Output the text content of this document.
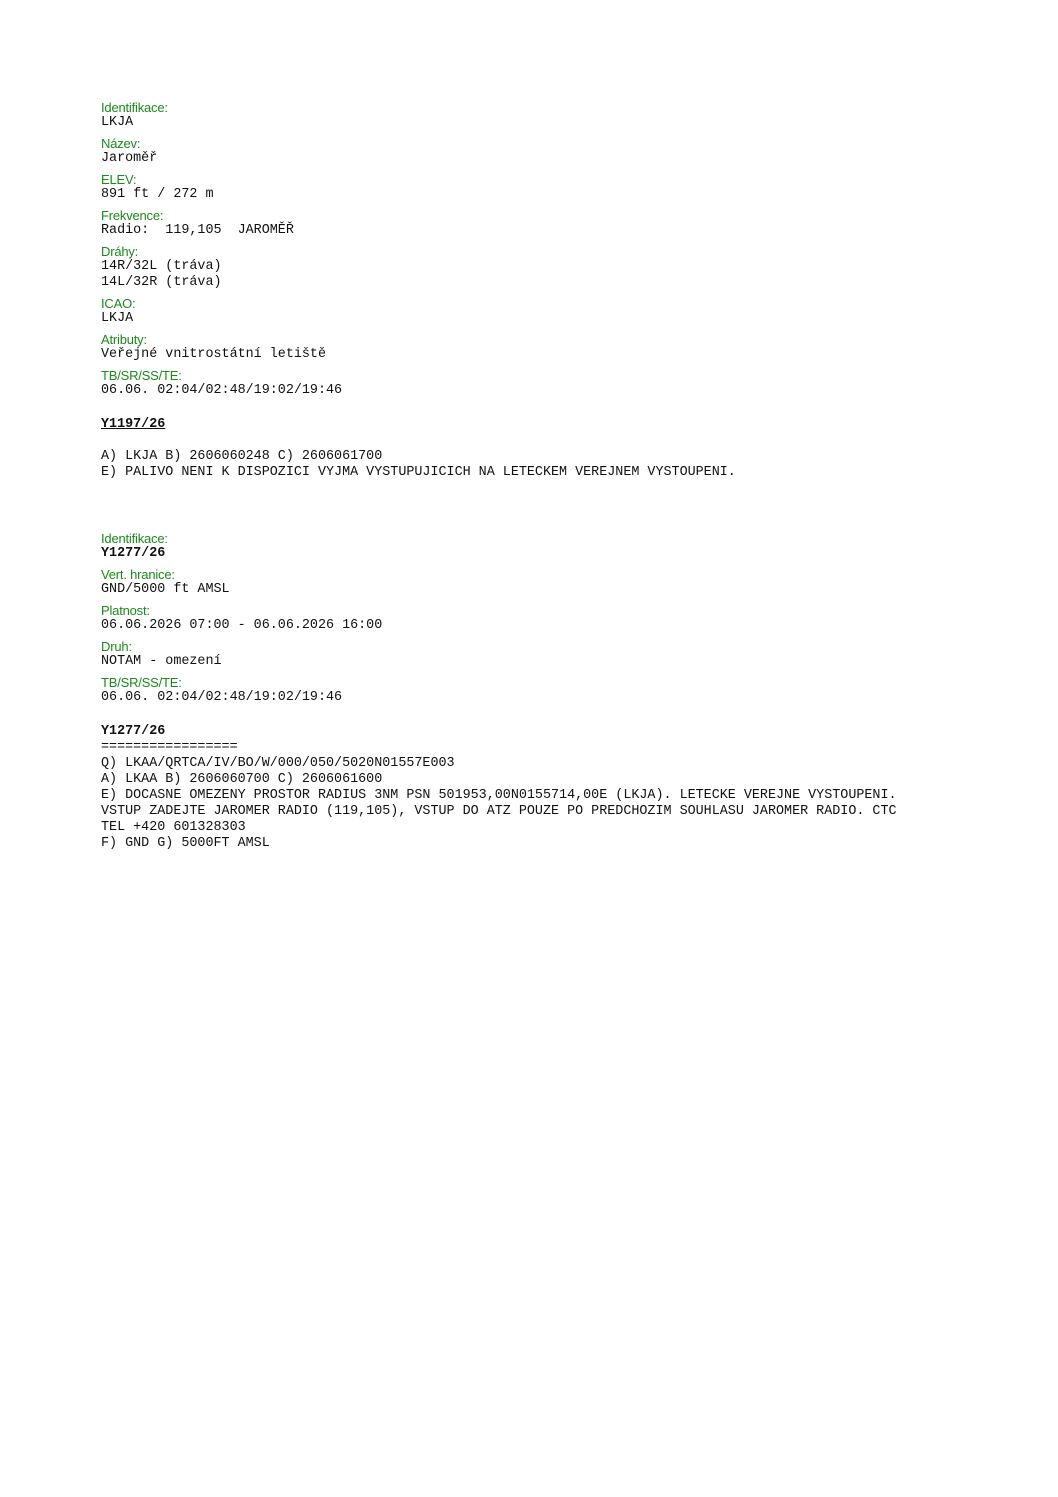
Identifikace:
LKJA
Název:
Jaroměř
ELEV:
891 ft / 272 m
Frekvence:
Radio:  119,105  JAROMĚŘ
Dráhy:
14R/32L (tráva)
14L/32R (tráva)
ICAO:
LKJA
Atributy:
Veřejné vnitrostátní letiště
TB/SR/SS/TE:
06.06. 02:04/02:48/19:02/19:46
Y1197/26
A) LKJA B) 2606060248 C) 2606061700
E) PALIVO NENI K DISPOZICI VYJMA VYSTUPUJICICH NA LETECKEM VEREJNEM VYSTOUPENI.
Identifikace:
Y1277/26
Vert. hranice:
GND/5000 ft AMSL
Platnost:
06.06.2026 07:00 - 06.06.2026 16:00
Druh:
NOTAM - omezení
TB/SR/SS/TE:
06.06. 02:04/02:48/19:02/19:46
Y1277/26
=================
Q) LKAA/QRTCA/IV/BO/W/000/050/5020N01557E003
A) LKAA B) 2606060700 C) 2606061600
E) DOCASNE OMEZENY PROSTOR RADIUS 3NM PSN 501953,00N0155714,00E (LKJA). LETECKE VEREJNE VYSTOUPENI.
VSTUP ZADEJTE JAROMER RADIO (119,105), VSTUP DO ATZ POUZE PO PREDCHOZIM SOUHLASU JAROMER RADIO. CTC
TEL +420 601328303
F) GND G) 5000FT AMSL
